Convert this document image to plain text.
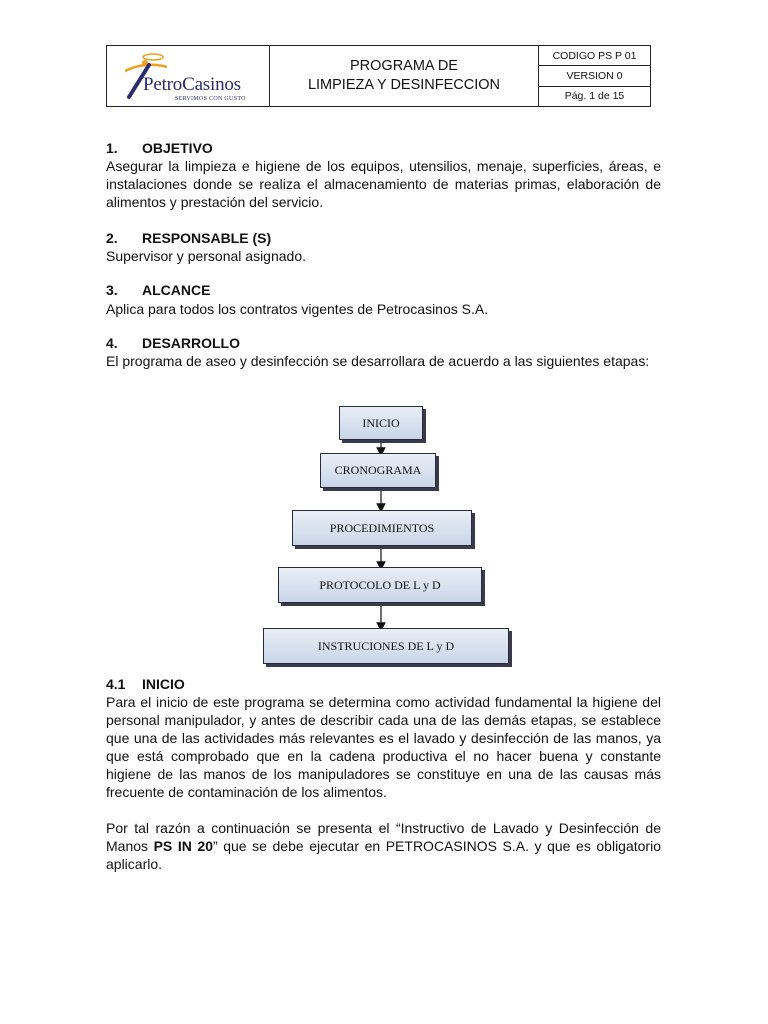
PetroCasinos
SERVIMOS CON GUSTO
PROGRAMA DE
LIMPIEZA Y DESINFECCION
CODIGO PS P 01
VERSION 0
Pág. 1 de 15
1. OBJETIVO

Asegurar la limpieza e higiene de los equipos, utensilios, menaje, superficies, áreas, e instalaciones donde se realiza el almacenamiento de materias primas, elaboración de alimentos y prestación del servicio.

2. RESPONSABLE (S)

Supervisor y personal asignado.

3. ALCANCE

Aplica para todos los contratos vigentes de Petrocasinos S.A.

4. DESARROLLO

El programa de aseo y desinfección se desarrollara de acuerdo a las siguientes etapas:

INICIO
CRONOGRAMA
PROCEDIMIENTOS
PROTOCOLO DE L y D
INSTRUCIONES DE L y D
4.1 INICIO

Para el inicio de este programa se determina como actividad fundamental la higiene del personal manipulador, y antes de describir cada una de las demás etapas, se establece que una de las actividades más relevantes es el lavado y desinfección de las manos, ya que está comprobado que en la cadena productiva el no hacer buena y constante higiene de las manos de los manipuladores se constituye en una de las causas más frecuente de contaminación de los alimentos.

Por tal razón a continuación se presenta el “Instructivo de Lavado y Desinfección de Manos PS IN 20” que se debe ejecutar en PETROCASINOS S.A. y que es obligatorio aplicarlo.
